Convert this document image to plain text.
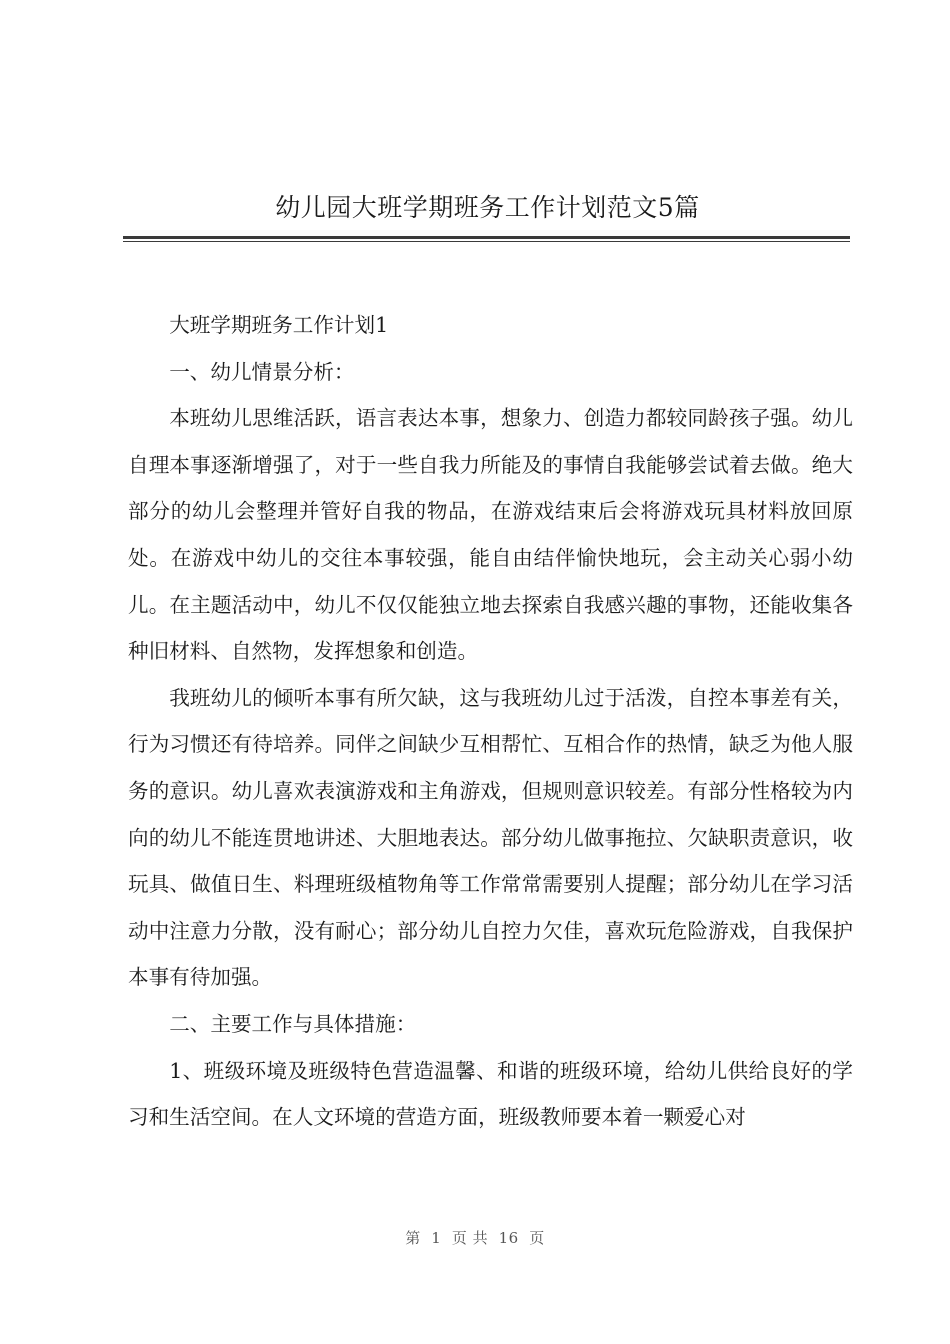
幼儿园大班学期班务工作计划范文5篇

大班学期班务工作计划1

一、幼儿情景分析：

本班幼儿思维活跃，语言表达本事，想象力、创造力都较同龄孩子强。幼儿自理本事逐渐增强了，对于一些自我力所能及的事情自我能够尝试着去做。绝大部分的幼儿会整理并管好自我的物品，在游戏结束后会将游戏玩具材料放回原处。在游戏中幼儿的交往本事较强，能自由结伴愉快地玩，会主动关心弱小幼儿。在主题活动中，幼儿不仅仅能独立地去探索自我感兴趣的事物，还能收集各种旧材料、自然物，发挥想象和创造。

我班幼儿的倾听本事有所欠缺，这与我班幼儿过于活泼，自控本事差有关，行为习惯还有待培养。同伴之间缺少互相帮忙、互相合作的热情，缺乏为他人服务的意识。幼儿喜欢表演游戏和主角游戏，但规则意识较差。有部分性格较为内向的幼儿不能连贯地讲述、大胆地表达。部分幼儿做事拖拉、欠缺职责意识，收玩具、做值日生、料理班级植物角等工作常常需要别人提醒；部分幼儿在学习活动中注意力分散，没有耐心；部分幼儿自控力欠佳，喜欢玩危险游戏，自我保护本事有待加强。

二、主要工作与具体措施：

1、班级环境及班级特色营造温馨、和谐的班级环境，给幼儿供给良好的学习和生活空间。在人文环境的营造方面，班级教师要本着一颗爱心对

第  1  页 共  16  页
